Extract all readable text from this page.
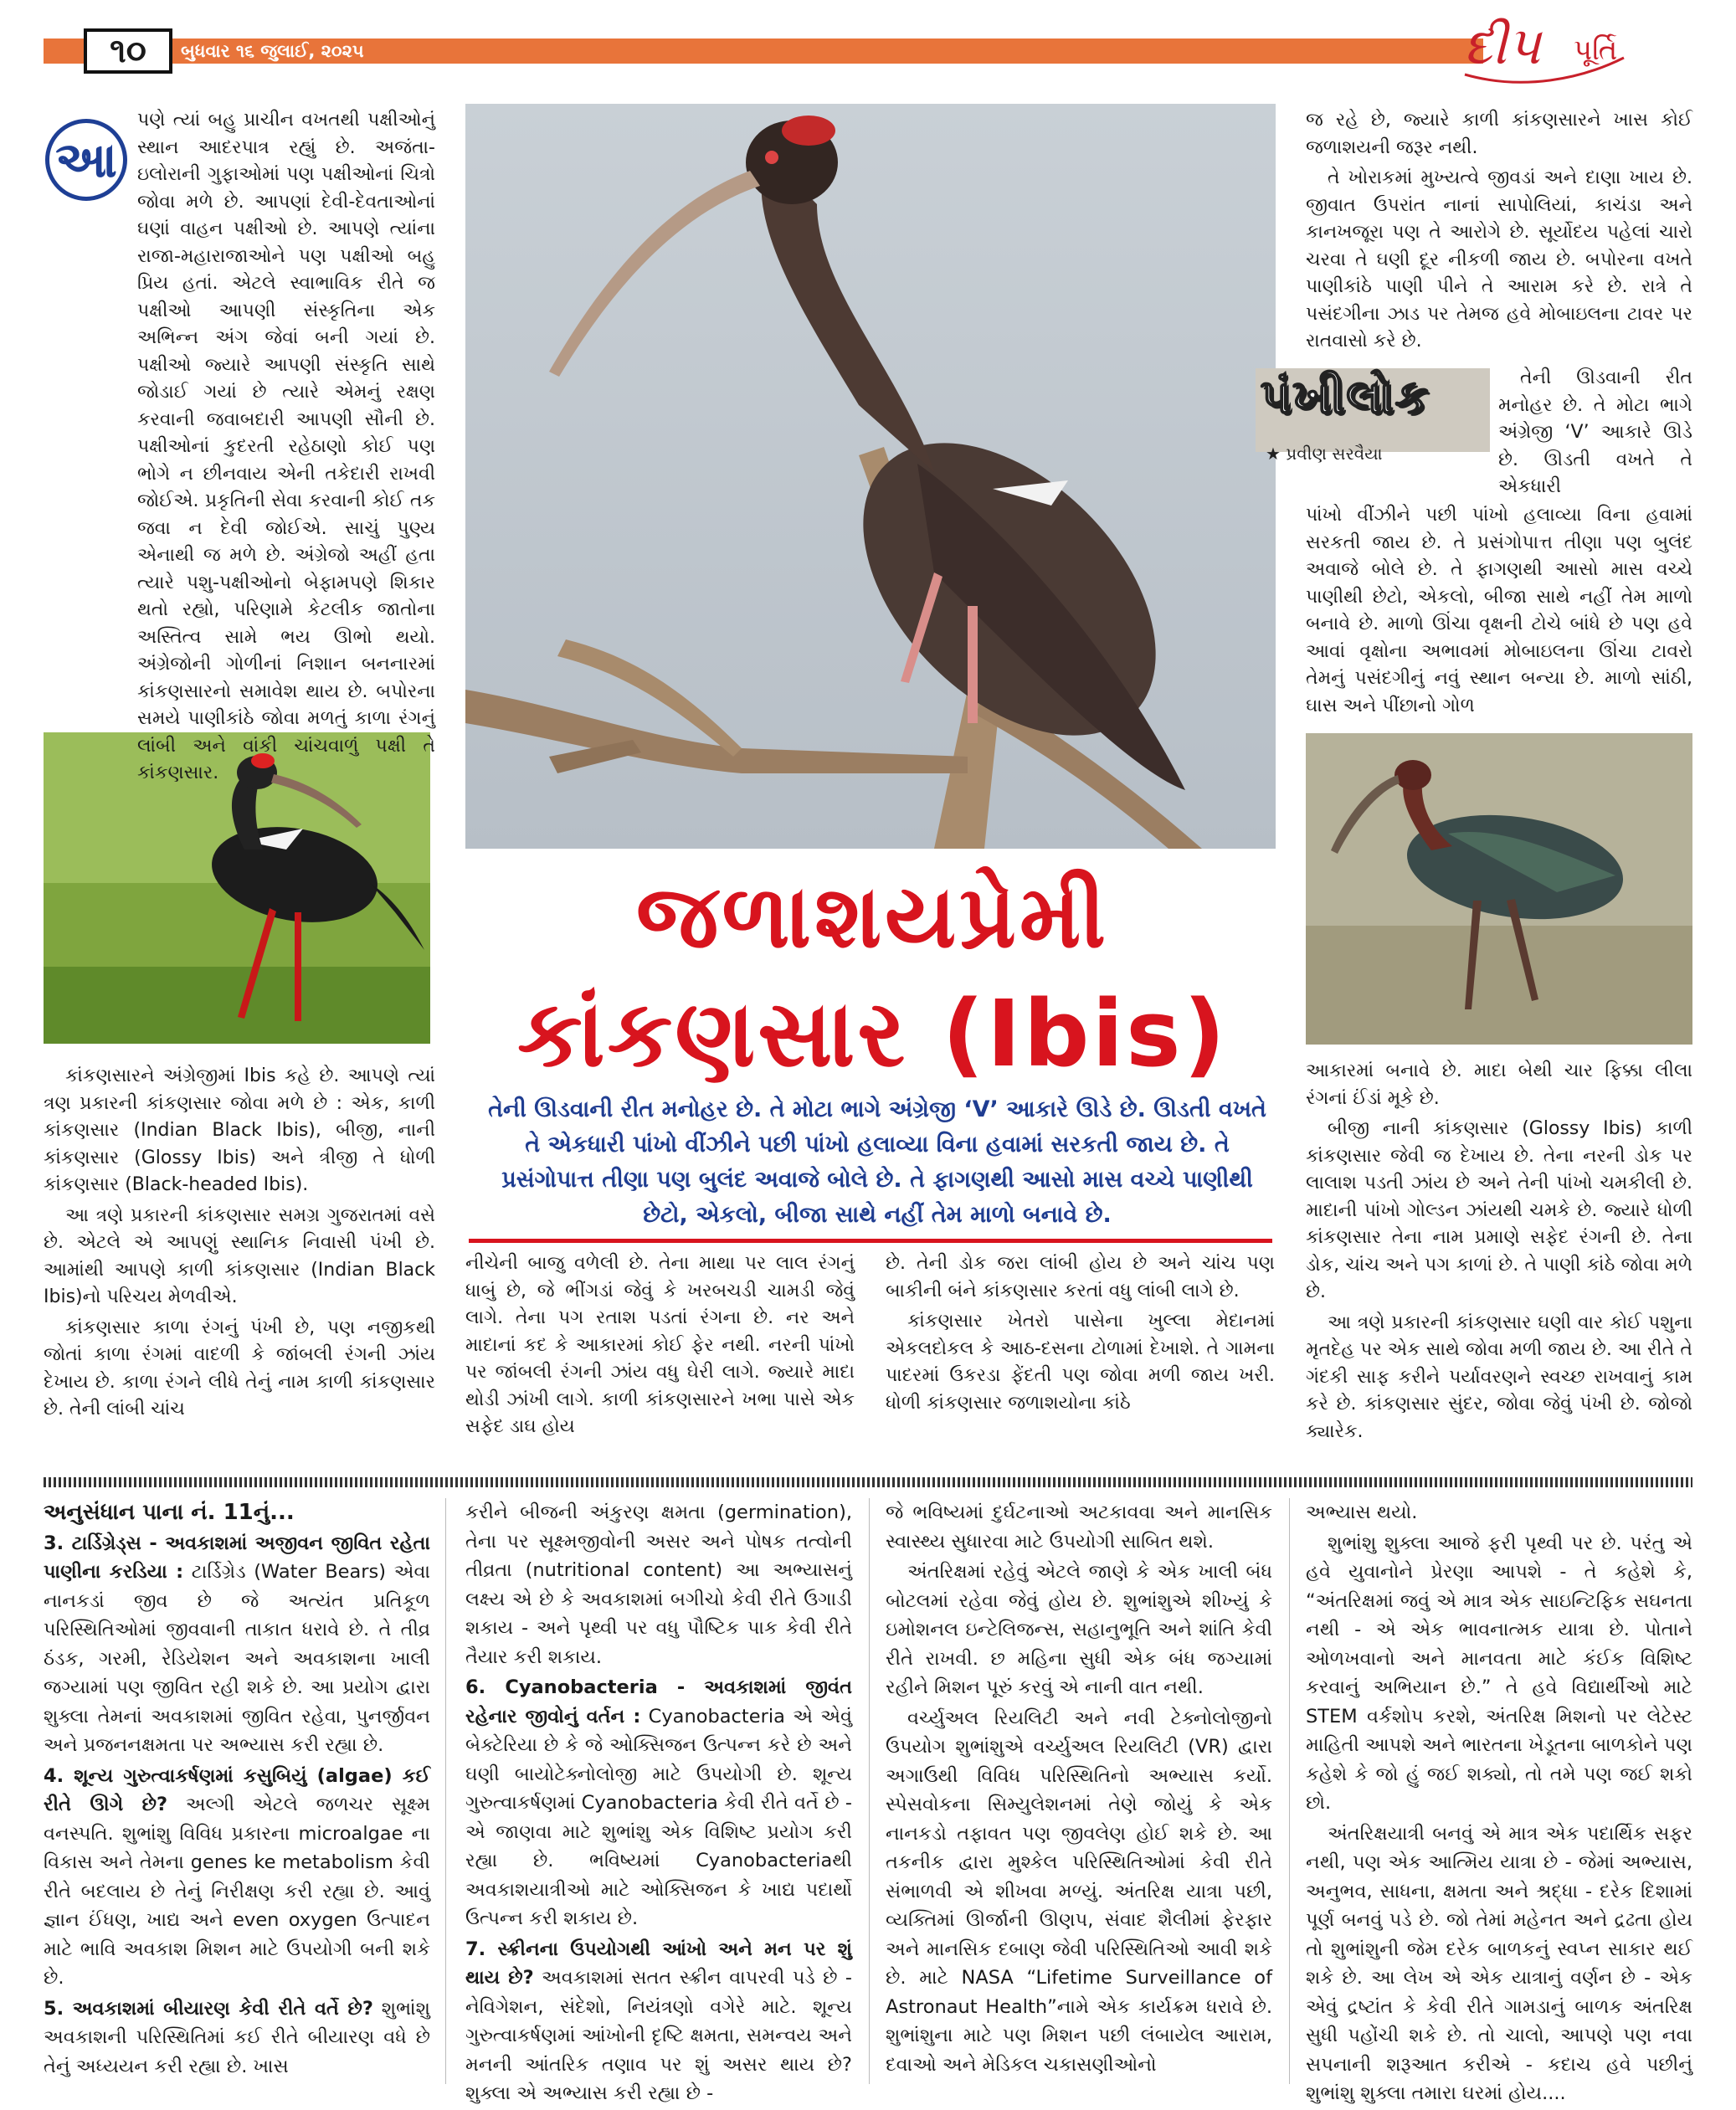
૧૦	બુધવાર ૧૬ જુલાઈ, ૨૦૨૫	દીપ પૂર્તિ
પંખીલોક
★ પ્રવીણ સરવૈયા
આ

પણે ત્યાં બહુ પ્રાચીન વખતથી પક્ષીઓનું સ્થાન આદરપાત્ર રહ્યું છે. અજંતા-ઇલોરાની ગુફાઓમાં પણ પક્ષીઓનાં ચિત્રો જોવા મળે છે. આપણાં દેવી-દેવતાઓનાં ઘણાં વાહન પક્ષીઓ છે. આપણે ત્યાંના રાજા-મહારાજાઓને પણ પક્ષીઓ બહુ પ્રિય હતાં. એટલે સ્વાભાવિક રીતે જ પક્ષીઓ આપણી સંસ્કૃતિના એક અભિન્ન અંગ જેવાં બની ગયાં છે. પક્ષીઓ જ્યારે આપણી સંસ્કૃતિ સાથે જોડાઈ ગયાં છે ત્યારે એમનું રક્ષણ કરવાની જવાબદારી આપણી સૌની છે. પક્ષીઓનાં કુદરતી રહેઠાણો કોઈ પણ ભોગે ન છીનવાય એની તકેદારી રાખવી જોઈએ. પ્રકૃતિની સેવા કરવાની કોઈ તક જવા ન દેવી જોઈએ. સાચું પુણ્ય એનાથી જ મળે છે. અંગ્રેજો અહીં હતા ત્યારે પશુ-પક્ષીઓનો બેફામપણે શિકાર થતો રહ્યો, પરિણામે કેટલીક જાતોના અસ્તિત્વ સામે ભય ઊભો થયો. અંગ્રેજોની ગોળીનાં નિશાન બનનારમાં કાંકણસારનો સમાવેશ થાય છે. બપોરના સમયે પાણીકાંઠે જોવા મળતું કાળા રંગનું લાંબી અને વાંકી ચાંચવાળું પક્ષી તે કાંકણસાર.

કાંકણસારને અંગ્રેજીમાં Ibis કહે છે. આપણે ત્યાં ત્રણ પ્રકારની કાંકણસાર જોવા મળે છે : એક, કાળી કાંકણસાર (Indian Black Ibis), બીજી, નાની કાંકણસાર (Glossy Ibis) અને ત્રીજી તે ધોળી કાંકણસાર (Black-headed Ibis).

આ ત્રણે પ્રકારની કાંકણસાર સમગ્ર ગુજરાતમાં વસે છે. એટલે એ આપણું સ્થાનિક નિવાસી પંખી છે. આમાંથી આપણે કાળી કાંકણસાર (Indian Black Ibis)નો પરિચય મેળવીએ.

કાંકણસાર કાળા રંગનું પંખી છે, પણ નજીકથી જોતાં કાળા રંગમાં વાદળી કે જાંબલી રંગની ઝાંય દેખાય છે. કાળા રંગને લીધે તેનું નામ કાળી કાંકણસાર છે. તેની લાંબી ચાંચ

જળાશયપ્રેમી
કાંકણસાર (Ibis)
તેની ઊડવાની રીત મનોહર છે. તે મોટા ભાગે અંગ્રેજી ‘V’ આકારે ઊડે છે. ઊડતી વખતે તે એકધારી પાંખો વીંઝીને પછી પાંખો હલાવ્યા વિના હવામાં સરકતી જાય છે. તે પ્રસંગોપાત્ત તીણા પણ બુલંદ અવાજે બોલે છે. તે ફાગણથી આસો માસ વચ્ચે પાણીથી છેટો, એકલો, બીજા સાથે નહીં તેમ માળો બનાવે છે.

નીચેની બાજુ વળેલી છે. તેના માથા પર લાલ રંગનું ધાબું છે, જે ભીંગડાં જેવું કે ખરબચડી ચામડી જેવું લાગે. તેના પગ રતાશ પડતાં રંગના છે. નર અને માદાનાં કદ કે આકારમાં કોઈ ફેર નથી. નરની પાંખો પર જાંબલી રંગની ઝાંય વધુ ઘેરી લાગે. જ્યારે માદા થોડી ઝાંખી લાગે. કાળી કાંકણસારને ખભા પાસે એક સફેદ ડાઘ હોય

છે. તેની ડોક જરા લાંબી હોય છે અને ચાંચ પણ બાકીની બંને કાંકણસાર કરતાં વધુ લાંબી લાગે છે.

કાંકણસાર ખેતરો પાસેના ખુલ્લા મેદાનમાં એકલદોકલ કે આઠ-દસના ટોળામાં દેખાશે. તે ગામના પાદરમાં ઉકરડા ફેંદતી પણ જોવા મળી જાય ખરી. ધોળી કાંકણસાર જળાશયોના કાંઠે

જ રહે છે, જ્યારે કાળી કાંકણસારને ખાસ કોઈ જળાશયની જરૂર નથી.

તે ખોરાકમાં મુખ્યત્વે જીવડાં અને દાણા ખાય છે. જીવાત ઉપરાંત નાનાં સાપોલિયાં, કાચંડા અને કાનખજૂરા પણ તે આરોગે છે. સૂર્યોદય પહેલાં ચારો ચરવા તે ઘણી દૂર નીકળી જાય છે. બપોરના વખતે પાણીકાંઠે પાણી પીને તે આરામ કરે છે. રાત્રે તે પસંદગીના ઝાડ પર તેમજ હવે મોબાઇલના ટાવર પર રાતવાસો કરે છે.

તેની ઊડવાની રીત મનોહર છે. તે મોટા ભાગે અંગ્રેજી ‘V’ આકારે ઊડે છે. ઊડતી વખતે તે એકધારી

પાંખો વીંઝીને પછી પાંખો હલાવ્યા વિના હવામાં સરકતી જાય છે. તે પ્રસંગોપાત્ત તીણા પણ બુલંદ અવાજે બોલે છે. તે ફાગણથી આસો માસ વચ્ચે પાણીથી છેટો, એકલો, બીજા સાથે નહીં તેમ માળો બનાવે છે. માળો ઊંચા વૃક્ષની ટોચે બાંધે છે પણ હવે આવાં વૃક્ષોના અભાવમાં મોબાઇલના ઊંચા ટાવરો તેમનું પસંદગીનું નવું સ્થાન બન્યા છે. માળો સાંઠી, ઘાસ અને પીંછાનો ગોળ

આકારમાં બનાવે છે. માદા બેથી ચાર ફિક્કા લીલા રંગનાં ઈંડાં મૂકે છે.

બીજી નાની કાંકણસાર (Glossy Ibis) કાળી કાંકણસાર જેવી જ દેખાય છે. તેના નરની ડોક પર લાલાશ પડતી ઝાંય છે અને તેની પાંખો ચમકીલી છે. માદાની પાંખો ગોલ્ડન ઝાંયથી ચમકે છે. જ્યારે ધોળી કાંકણસાર તેના નામ પ્રમાણે સફેદ રંગની છે. તેના ડોક, ચાંચ અને પગ કાળાં છે. તે પાણી કાંઠે જોવા મળે છે.

આ ત્રણે પ્રકારની કાંકણસાર ઘણી વાર કોઈ પશુના મૃતદેહ પર એક સાથે જોવા મળી જાય છે. આ રીતે તે ગંદકી સાફ કરીને પર્યાવરણને સ્વચ્છ રાખવાનું કામ કરે છે. કાંકણસાર સુંદર, જોવા જેવું પંખી છે. જોજો ક્યારેક.

અનુસંધાન પાના નં. 11નું...

3. ટાર્ડિગ્રેડ્સ - અવકાશમાં અજીવન જીવિત રહેતા પાણીના કરડિયા : ટાર્ડિગ્રેડ (Water Bears) એવા નાનકડાં જીવ છે જે અત્યંત પ્રતિકૂળ પરિસ્થિતિઓમાં જીવવાની તાકાત ધરાવે છે. તે તીવ્ર ઠંડક, ગરમી, રેડિયેશન અને અવકાશના ખાલી જગ્યામાં પણ જીવિત રહી શકે છે. આ પ્રયોગ દ્વારા શુક્લા તેમનાં અવકાશમાં જીવિત રહેવા, પુનર્જીવન અને પ્રજનનક્ષમતા પર અભ્યાસ કરી રહ્યા છે.

4. શૂન્ય ગુરુત્વાકર્ષણમાં કસુબિયું (algae) કઈ રીતે ઊગે છે? અલ્ગી એટલે જળચર સૂક્ષ્મ વનસ્પતિ. શુભાંશુ વિવિધ પ્રકારના microalgae ના વિકાસ અને તેમના genes ke metabolism કેવી રીતે બદલાય છે તેનું નિરીક્ષણ કરી રહ્યા છે. આવું જ્ઞાન ઈંધણ, ખાદ્ય અને even oxygen ઉત્પાદન માટે ભાવિ અવકાશ મિશન માટે ઉપયોગી બની શકે છે.

5. અવકાશમાં બીયારણ કેવી રીતે વર્તે છે? શુભાંશુ અવકાશની પરિસ્થિતિમાં કઈ રીતે બીયારણ વધે છે તેનું અધ્યયન કરી રહ્યા છે. ખાસ

કરીને બીજની અંકુરણ ક્ષમતા (germination), તેના પર સૂક્ષ્મજીવોની અસર અને પોષક તત્વોની તીવ્રતા (nutritional content) આ અભ્યાસનું લક્ષ્ય એ છે કે અવકાશમાં બગીચો કેવી રીતે ઉગાડી શકાય - અને પૃથ્વી પર વધુ પૌષ્ટિક પાક કેવી રીતે તૈયાર કરી શકાય.

6. Cyanobacteria - અવકાશમાં જીવંત રહેનાર જીવોનું વર્તન : Cyanobacteria એ એવું બેક્ટેરિયા છે કે જે ઓક્સિજન ઉત્પન્ન કરે છે અને ઘણી બાયોટેક્નોલોજી માટે ઉપયોગી છે. શૂન્ય ગુરુત્વાકર્ષણમાં Cyanobacteria કેવી રીતે વર્તે છે - એ જાણવા માટે શુભાંશુ એક વિશિષ્ટ પ્રયોગ કરી રહ્યા છે. ભવિષ્યમાં Cyanobacteriaથી અવકાશયાત્રીઓ માટે ઓક્સિજન કે ખાદ્ય પદાર્થો ઉત્પન્ન કરી શકાય છે.

7. સ્ક્રીનના ઉપયોગથી આંખો અને મન પર શું થાય છે? અવકાશમાં સતત સ્ક્રીન વાપરવી પડે છે - નેવિગેશન, સંદેશો, નિયંત્રણો વગેરે માટે. શૂન્ય ગુરુત્વાકર્ષણમાં આંખોની દૃષ્ટિ ક્ષમતા, સમન્વય અને મનની આંતરિક તણાવ પર શું અસર થાય છે? શુક્લા એ અભ્યાસ કરી રહ્યા છે -

જે ભવિષ્યમાં દુર્ઘટનાઓ અટકાવવા અને માનસિક સ્વાસ્થ્ય સુધારવા માટે ઉપયોગી સાબિત થશે.

અંતરિક્ષમાં રહેવું એટલે જાણે કે એક ખાલી બંધ બોટલમાં રહેવા જેવું હોય છે. શુભાંશુએ શીખ્યું કે ઇમોશનલ ઇન્ટેલિજન્સ, સહાનુભૂતિ અને શાંતિ કેવી રીતે રાખવી. છ મહિના સુધી એક બંધ જગ્યામાં રહીને મિશન પૂરું કરવું એ નાની વાત નથી.

વર્ચ્યુઅલ રિયલિટી અને નવી ટેક્નોલોજીનો ઉપયોગ શુભાંશુએ વર્ચ્યુઅલ રિયલિટી (VR) દ્વારા અગાઉથી વિવિધ પરિસ્થિતિનો અભ્યાસ કર્યો. સ્પેસવોકના સિમ્યુલેશનમાં તેણે જોયું કે એક નાનકડો તફાવત પણ જીવલેણ હોઈ શકે છે. આ તકનીક દ્વારા મુશ્કેલ પરિસ્થિતિઓમાં કેવી રીતે સંભાળવી એ શીખવા મળ્યું. અંતરિક્ષ યાત્રા પછી, વ્યક્તિમાં ઊર્જાની ઊણપ, સંવાદ શૈલીમાં ફેરફાર અને માનસિક દબાણ જેવી પરિસ્થિતિઓ આવી શકે છે. માટે NASA “Lifetime Surveillance of Astronaut Health”નામે એક કાર્યક્રમ ધરાવે છે. શુભાંશુના માટે પણ મિશન પછી લંબાયેલ આરામ, દવાઓ અને મેડિકલ ચકાસણીઓનો

અભ્યાસ થયો.

શુભાંશુ શુક્લા આજે ફરી પૃથ્વી પર છે. પરંતુ એ હવે યુવાનોને પ્રેરણા આપશે - તે કહેશે કે, “અંતરિક્ષમાં જવું એ માત્ર એક સાઇન્ટિફિક સઘનતા નથી - એ એક ભાવનાત્મક યાત્રા છે. પોતાને ઓળખવાનો અને માનવતા માટે કંઈક વિશિષ્ટ કરવાનું અભિયાન છે.” તે હવે વિદ્યાર્થીઓ માટે STEM વર્કશોપ કરશે, અંતરિક્ષ મિશનો પર લેટેસ્ટ માહિતી આપશે અને ભારતના ખેડૂતના બાળકોને પણ કહેશે કે જો હું જઈ શક્યો, તો તમે પણ જઈ શકો છો.

અંતરિક્ષયાત્રી બનવું એ માત્ર એક પદાર્થિક સફર નથી, પણ એક આત્મિય યાત્રા છે - જેમાં અભ્યાસ, અનુભવ, સાધના, ક્ષમતા અને શ્રદ્ધા - દરેક દિશામાં પૂર્ણ બનવું પડે છે. જો તેમાં મહેનત અને દ્રઢતા હોય તો શુભાંશુની જેમ દરેક બાળકનું સ્વપ્ન સાકાર થઈ શકે છે. આ લેખ એ એક યાત્રાનું વર્ણન છે - એક એવું દ્રષ્ટાંત કે કેવી રીતે ગામડાનું બાળક અંતરિક્ષ સુધી પહોંચી શકે છે. તો ચાલો, આપણે પણ નવા સપનાની શરૂઆત કરીએ - કદાચ હવે પછીનું શુભાંશુ શુક્લા તમારા ઘરમાં હોય....
